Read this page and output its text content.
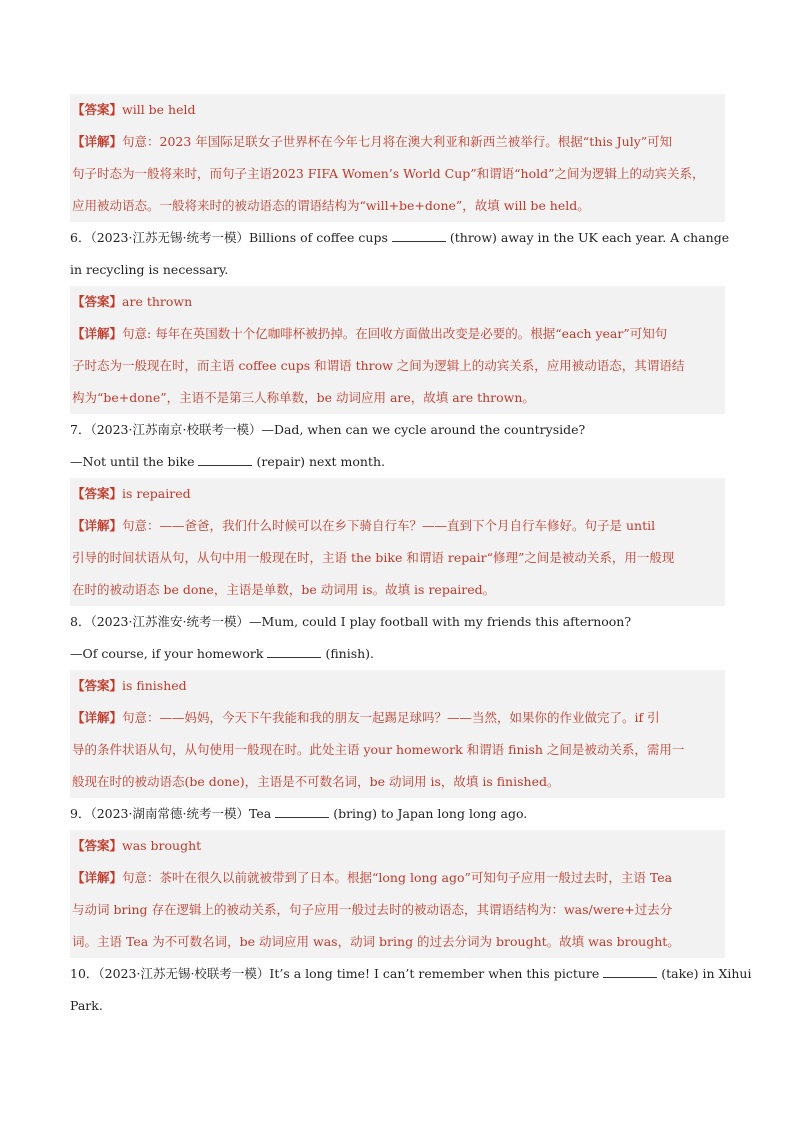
【答案】will be held
【详解】句意：2023 年国际足联女子世界杯在今年七月将在澳大利亚和新西兰被举行。根据“this July”可知
句子时态为一般将来时，而句子主语2023 FIFA Women’s World Cup”和谓语“hold”之间为逻辑上的动宾关系，
应用被动语态。一般将来时的被动语态的谓语结构为“will+be+done”，故填 will be held。
6．（2023·江苏无锡·统考一模）Billions of coffee cups	(throw) away in the UK each year. A change
in recycling is necessary.
【答案】are thrown
【详解】句意: 每年在英国数十个亿咖啡杯被扔掉。在回收方面做出改变是必要的。根据“each year”可知句
子时态为一般现在时，而主语 coffee cups 和谓语 throw 之间为逻辑上的动宾关系，应用被动语态，其谓语结
构为“be+done”，主语不是第三人称单数，be 动词应用 are，故填 are thrown。
7．（2023·江苏南京·校联考一模）—Dad, when can we cycle around the countryside?
—Not until the bike	(repair) next month.
【答案】is repaired
【详解】句意：——爸爸，我们什么时候可以在乡下骑自行车？——直到下个月自行车修好。句子是 until
引导的时间状语从句，从句中用一般现在时，主语 the bike 和谓语 repair“修理”之间是被动关系，用一般现
在时的被动语态 be done，主语是单数，be 动词用 is。故填 is repaired。
8．（2023·江苏淮安·统考一模）—Mum, could I play football with my friends this afternoon?
—Of course, if your homework	(finish).
【答案】is finished
【详解】句意：——妈妈，今天下午我能和我的朋友一起踢足球吗？——当然，如果你的作业做完了。if 引
导的条件状语从句，从句使用一般现在时。此处主语 your homework 和谓语 finish 之间是被动关系，需用一
般现在时的被动语态(be done)，主语是不可数名词，be 动词用 is，故填 is finished。
9．（2023·湖南常德·统考一模）Tea	(bring) to Japan long long ago.
【答案】was brought
【详解】句意：茶叶在很久以前就被带到了日本。根据“long long ago”可知句子应用一般过去时，主语 Tea
与动词 bring 存在逻辑上的被动关系，句子应用一般过去时的被动语态，其谓语结构为：was/were+过去分
词。主语 Tea 为不可数名词，be 动词应用 was，动词 bring 的过去分词为 brought。故填 was brought。
10．（2023·江苏无锡·校联考一模）It’s a long time! I can’t remember when this picture	(take) in Xihui
Park.
